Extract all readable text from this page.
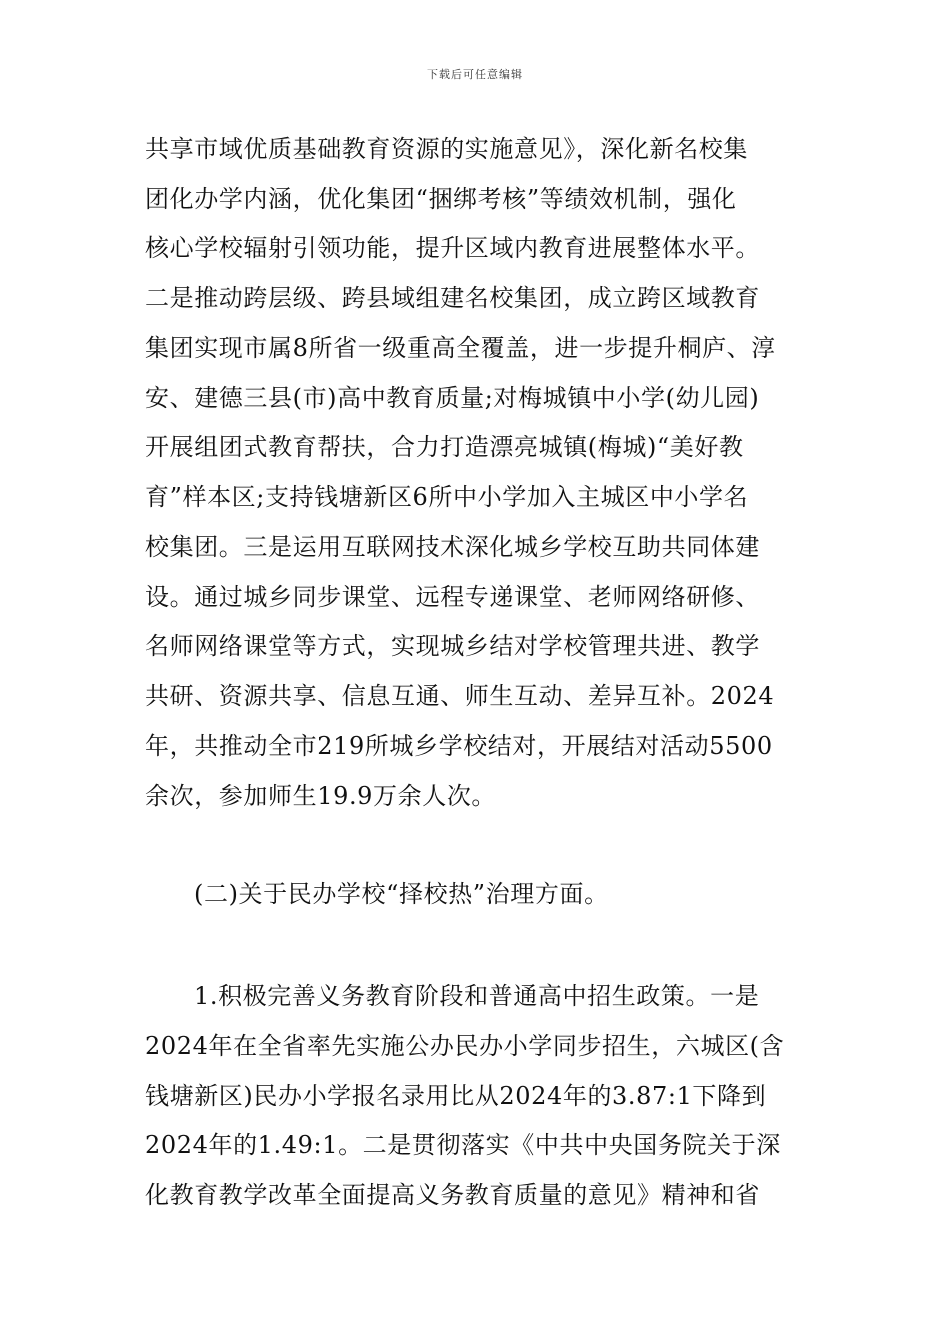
下载后可任意编辑
共享市域优质基础教育资源的实施意见》，深化新名校集
团化办学内涵，优化集团“捆绑考核”等绩效机制，强化
核心学校辐射引领功能，提升区域内教育进展整体水平。
二是推动跨层级、跨县域组建名校集团，成立跨区域教育
集团实现市属8所省一级重高全覆盖，进一步提升桐庐、淳
安、建德三县(市)高中教育质量;对梅城镇中小学(幼儿园)
开展组团式教育帮扶，合力打造漂亮城镇(梅城)“美好教
育”样本区;支持钱塘新区6所中小学加入主城区中小学名
校集团。三是运用互联网技术深化城乡学校互助共同体建
设。通过城乡同步课堂、远程专递课堂、老师网络研修、
名师网络课堂等方式，实现城乡结对学校管理共进、教学
共研、资源共享、信息互通、师生互动、差异互补。2024
年，共推动全市219所城乡学校结对，开展结对活动5500
余次，参加师生19.9万余人次。
(二)关于民办学校“择校热”治理方面。
1.积极完善义务教育阶段和普通高中招生政策。一是
2024年在全省率先实施公办民办小学同步招生，六城区(含
钱塘新区)民办小学报名录用比从2024年的3.87:1下降到
2024年的1.49:1。二是贯彻落实《中共中央国务院关于深
化教育教学改革全面提高义务教育质量的意见》精神和省
